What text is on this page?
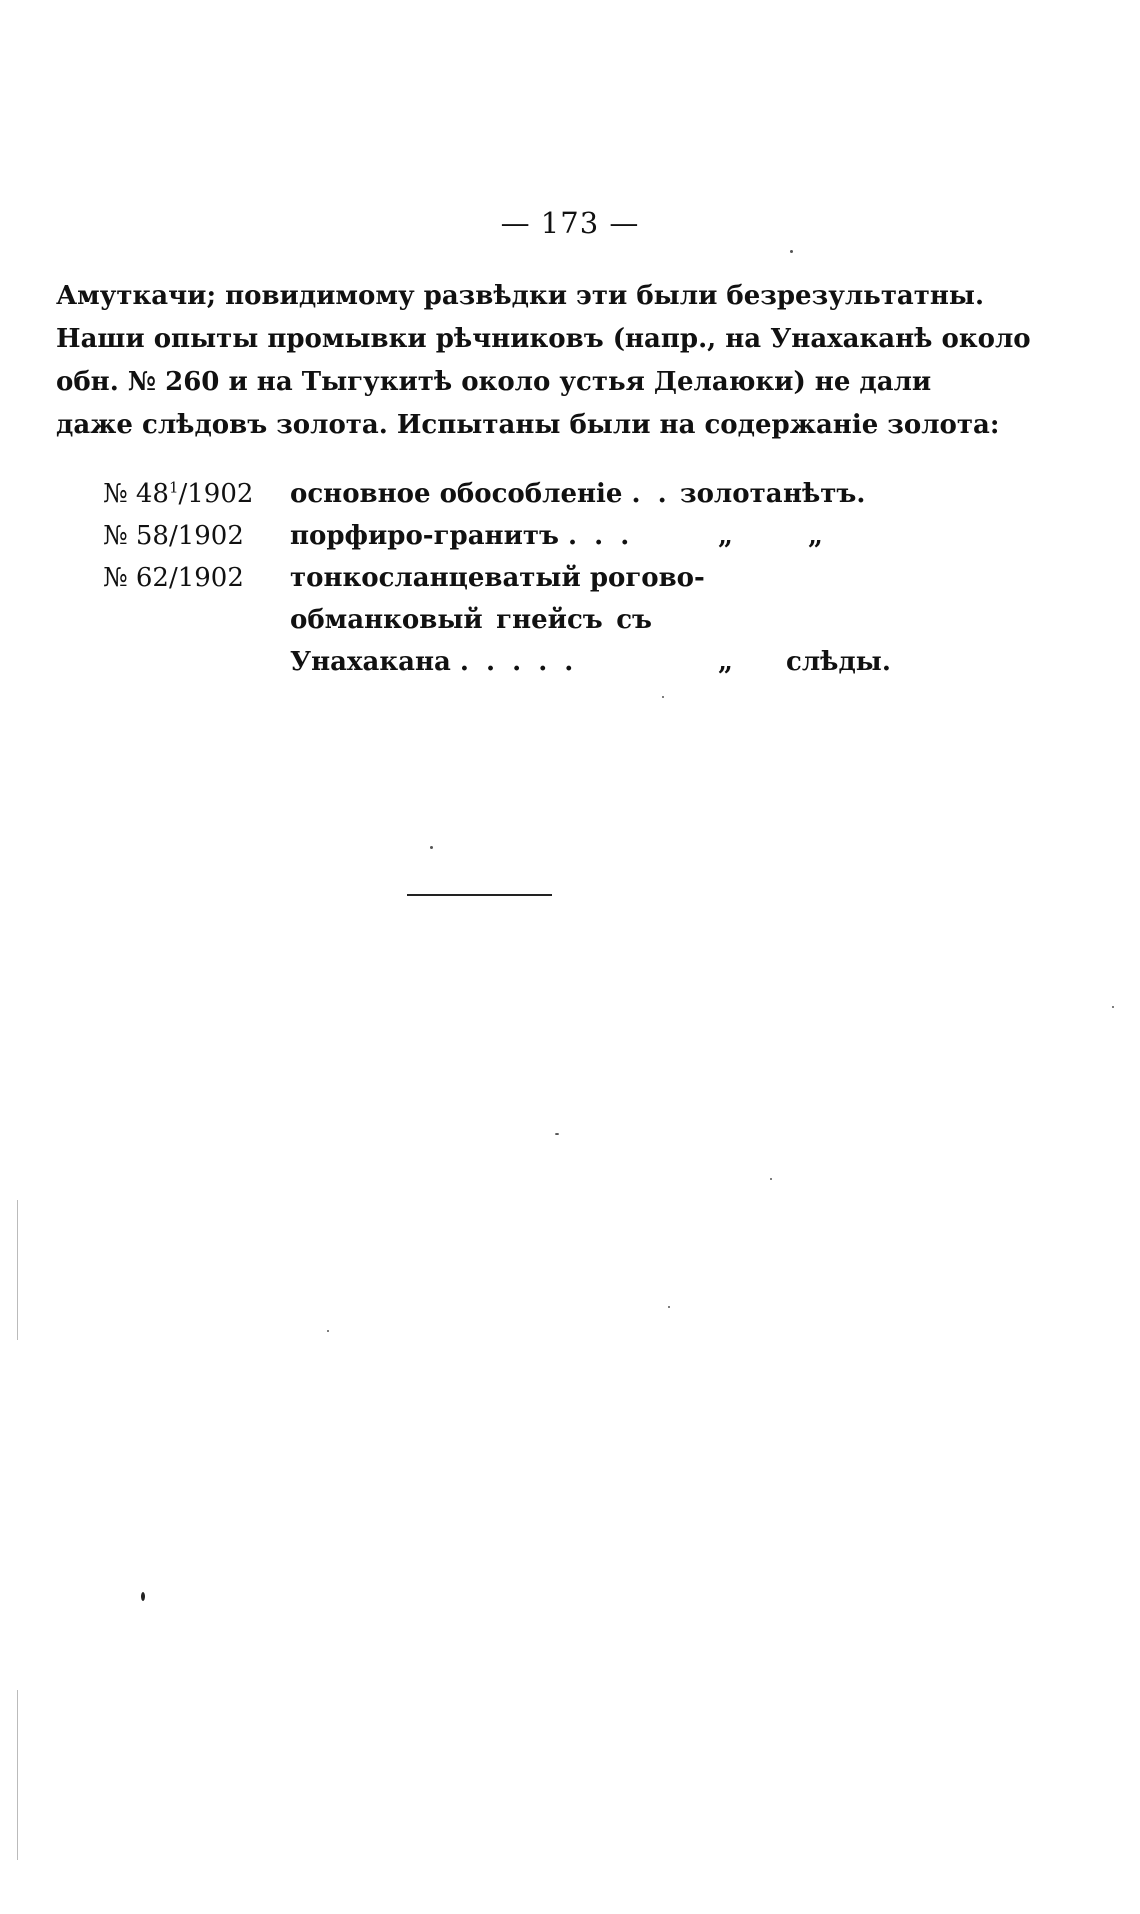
— 173 —
Амуткачи; повидимому развѣдки эти были безрезультатны.
Наши опыты промывки рѣчниковъ (напр., на Унахаканѣ около
обн. № 260 и на Тыгукитѣ около устья Делаюки) не дали
даже слѣдовъ золота. Испытаны были на содержаніе золота:
№ $48^1/1902$	основное обособленіе . . золота нѣтъ.
№ 58/1902	порфиро-гранитъ . . .	„	„
№ 62/1902	тонкосланцеватый рогово-
обманковый гнейсъ съ
Унахакана . . . . .	„ слѣды.
